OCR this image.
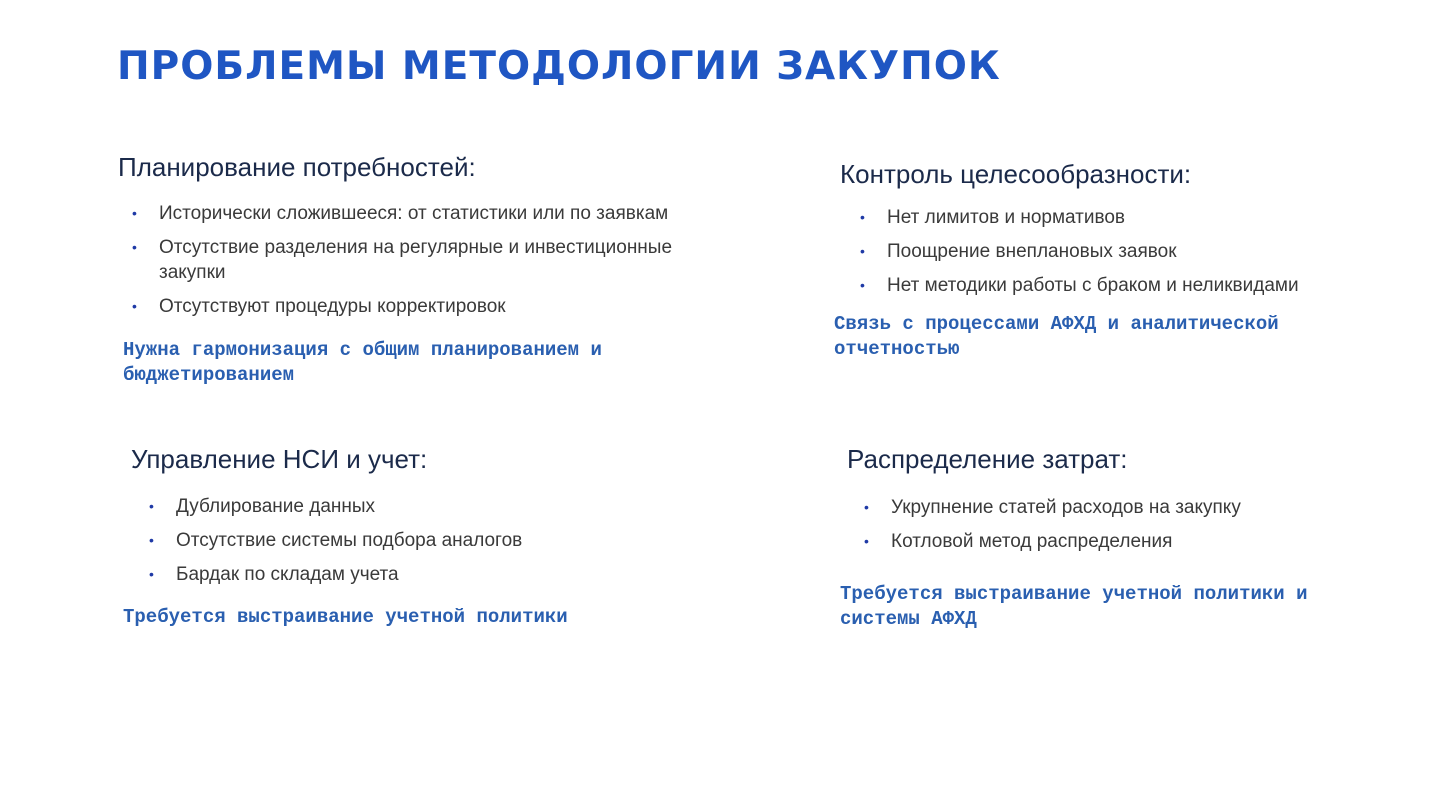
ПРОБЛЕМЫ МЕТОДОЛОГИИ ЗАКУПОК
Планирование потребностей:
• Исторически сложившееся: от статистики или по заявкам
• Отсутствие разделения на регулярные и инвестиционные закупки
• Отсутствуют процедуры корректировок

Нужна гармонизация с общим планированием и бюджетированием

Контроль целесообразности:
• Нет лимитов и нормативов
• Поощрение внеплановых заявок
• Нет методики работы с браком и неликвидами

Связь с процессами АФХД и аналитической отчетностью

Управление НСИ и учет:
• Дублирование данных
• Отсутствие системы подбора аналогов
• Бардак по складам учета

Требуется выстраивание учетной политики

Распределение затрат:
• Укрупнение статей расходов на закупку
• Котловой метод распределения

Требуется выстраивание учетной политики и системы АФХД
